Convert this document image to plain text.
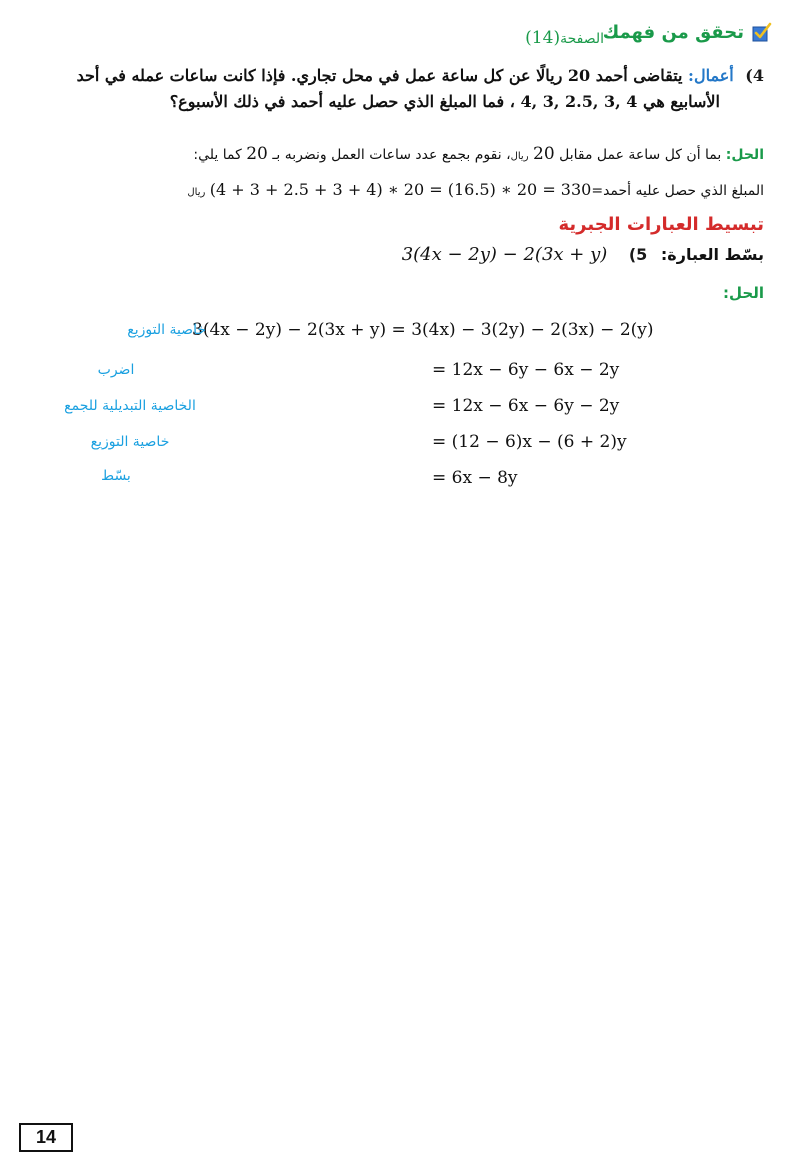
تحقق من فهمك
الصفحة(14)
4) أعمال: يتقاضى أحمد 20 ريالًا عن كل ساعة عمل في محل تجاري. فإذا كانت ساعات عمله في أحد
الأسابيع هي 4, 3, 2.5, 3, 4 ، فما المبلغ الذي حصل عليه أحمد في ذلك الأسبوع؟
الحل: بما أن كل ساعة عمل مقابل 20 ريال، نقوم بجمع عدد ساعات العمل ونضربه بـ 20 كما يلي:
المبلغ الذي حصل عليه أحمد=(4 + 3 + 2.5 + 3 + 4) ∗ 20 = (16.5) ∗ 20 = 330 ريال
تبسيط العبارات الجبرية
بسّط العبارة: 5) 3(4x − 2y) − 2(3x + y)
الحل:
3(4x − 2y) − 2(3x + y) = 3(4x) − 3(2y) − 2(3x) − 2(y)
خاصية التوزيع
= 12x − 6y − 6x − 2y
اضرب
= 12x − 6x − 6y − 2y
الخاصية التبديلية للجمع
= (12 − 6)x − (6 + 2)y
خاصية التوزيع
= 6x − 8y
بسّط
14
